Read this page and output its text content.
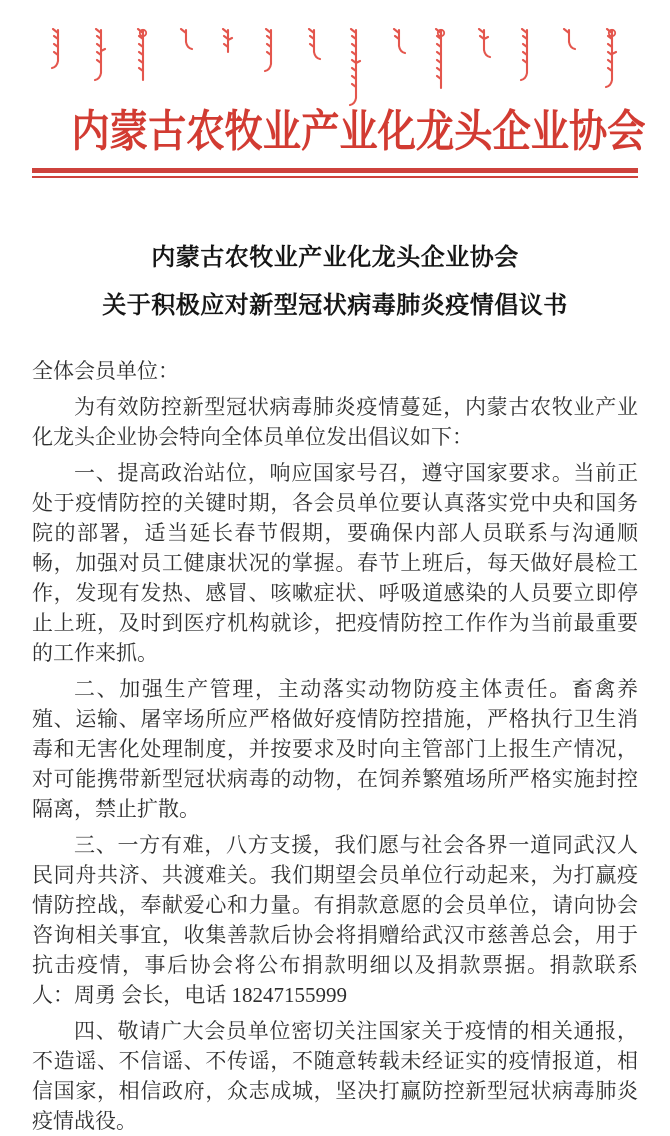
内蒙古农牧业产业化龙头企业协会
内蒙古农牧业产业化龙头企业协会
关于积极应对新型冠状病毒肺炎疫情倡议书

全体会员单位：

为有效防控新型冠状病毒肺炎疫情蔓延，内蒙古农牧业产业化龙头企业协会特向全体员单位发出倡议如下：

一、提高政治站位，响应国家号召，遵守国家要求。当前正处于疫情防控的关键时期，各会员单位要认真落实党中央和国务院的部署，适当延长春节假期，要确保内部人员联系与沟通顺畅，加强对员工健康状况的掌握。春节上班后，每天做好晨检工作，发现有发热、感冒、咳嗽症状、呼吸道感染的人员要立即停止上班，及时到医疗机构就诊，把疫情防控工作作为当前最重要的工作来抓。

二、加强生产管理，主动落实动物防疫主体责任。畜禽养殖、运输、屠宰场所应严格做好疫情防控措施，严格执行卫生消毒和无害化处理制度，并按要求及时向主管部门上报生产情况，对可能携带新型冠状病毒的动物，在饲养繁殖场所严格实施封控隔离，禁止扩散。

三、一方有难，八方支援，我们愿与社会各界一道同武汉人民同舟共济、共渡难关。我们期望会员单位行动起来，为打赢疫情防控战，奉献爱心和力量。有捐款意愿的会员单位，请向协会咨询相关事宜，收集善款后协会将捐赠给武汉市慈善总会，用于抗击疫情，事后协会将公布捐款明细以及捐款票据。捐款联系人：周勇 会长，电话 18247155999

四、敬请广大会员单位密切关注国家关于疫情的相关通报，不造谣、不信谣、不传谣，不随意转载未经证实的疫情报道，相信国家，相信政府，众志成城，坚决打赢防控新型冠状病毒肺炎疫情战役。
